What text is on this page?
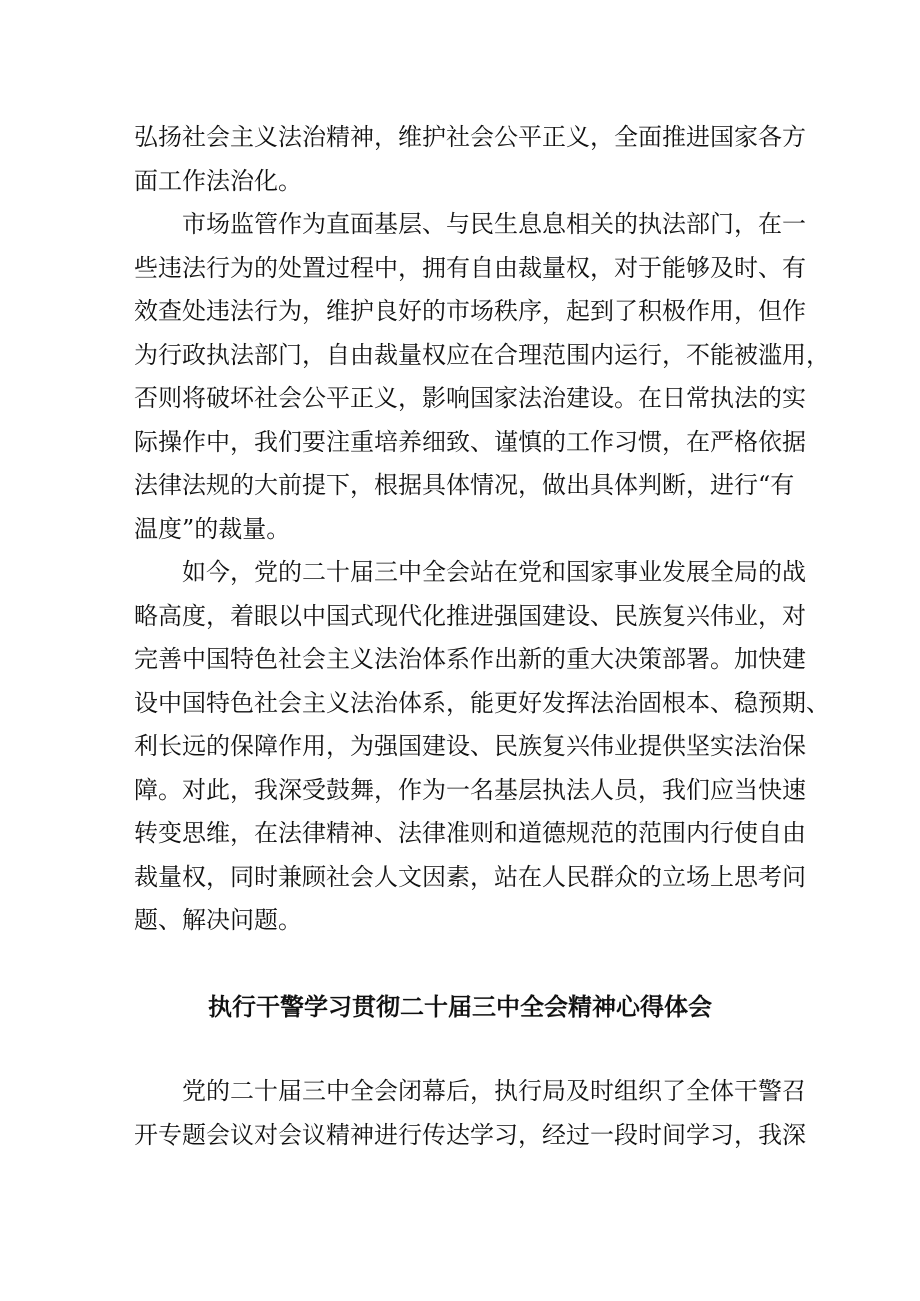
弘扬社会主义法治精神，维护社会公平正义，全面推进国家各方
面工作法治化。
市场监管作为直面基层、与民生息息相关的执法部门，在一
些违法行为的处置过程中，拥有自由裁量权，对于能够及时、有
效查处违法行为，维护良好的市场秩序，起到了积极作用，但作
为行政执法部门，自由裁量权应在合理范围内运行，不能被滥用，
否则将破坏社会公平正义，影响国家法治建设。在日常执法的实
际操作中，我们要注重培养细致、谨慎的工作习惯，在严格依据
法律法规的大前提下，根据具体情况，做出具体判断，进行“有
温度”的裁量。
如今，党的二十届三中全会站在党和国家事业发展全局的战
略高度，着眼以中国式现代化推进强国建设、民族复兴伟业，对
完善中国特色社会主义法治体系作出新的重大决策部署。加快建
设中国特色社会主义法治体系，能更好发挥法治固根本、稳预期、
利长远的保障作用，为强国建设、民族复兴伟业提供坚实法治保
障。对此，我深受鼓舞，作为一名基层执法人员，我们应当快速
转变思维，在法律精神、法律准则和道德规范的范围内行使自由
裁量权，同时兼顾社会人文因素，站在人民群众的立场上思考问
题、解决问题。
执行干警学习贯彻二十届三中全会精神心得体会
党的二十届三中全会闭幕后，执行局及时组织了全体干警召
开专题会议对会议精神进行传达学习，经过一段时间学习，我深
